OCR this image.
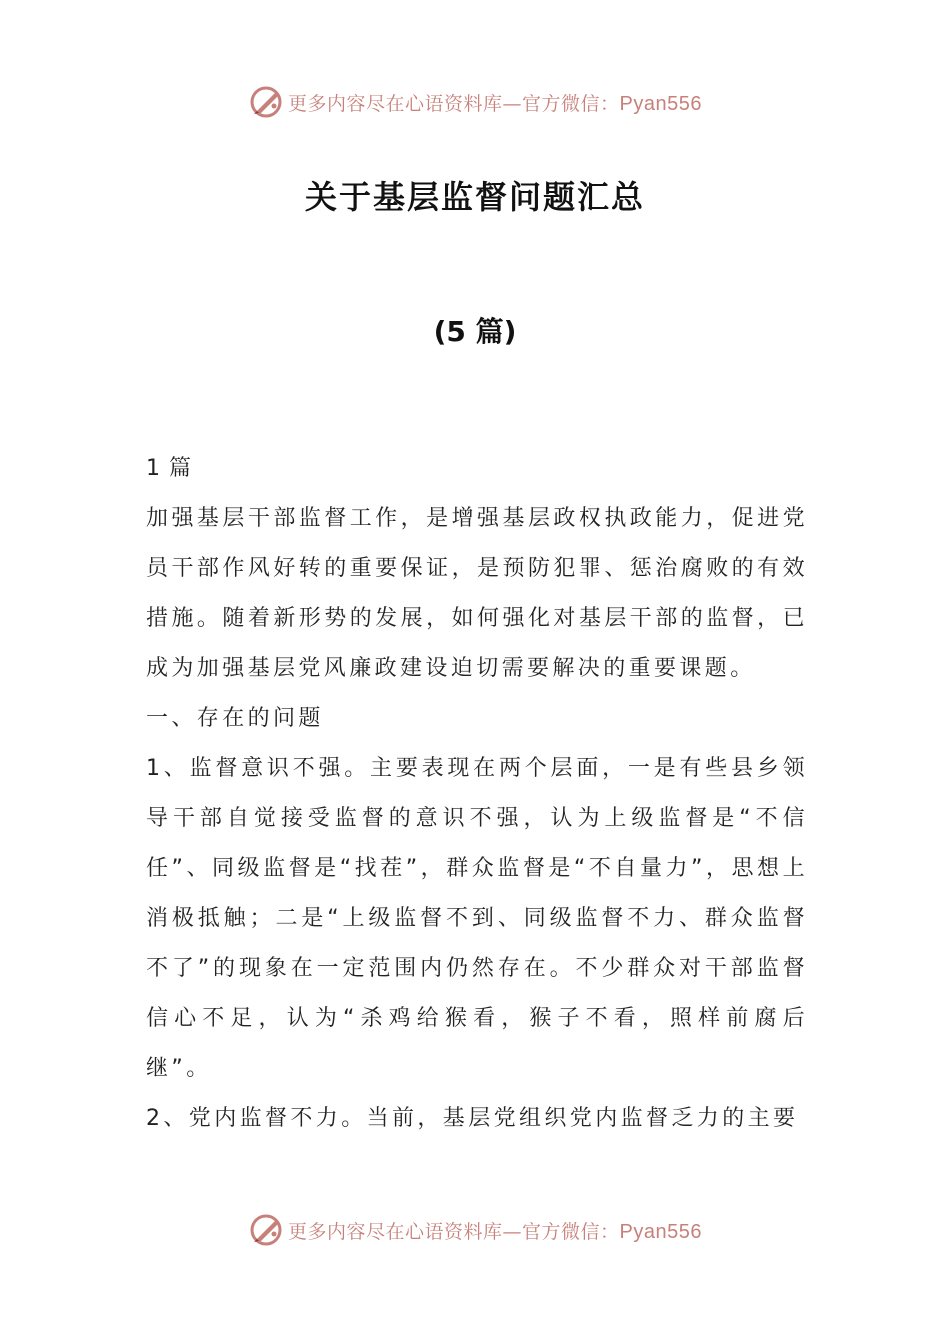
更多内容尽在心语资料库—官方微信：Pyan556
关于基层监督问题汇总
(5 篇)

1 篇

加强基层干部监督工作，是增强基层政权执政能力，促进党员干部作风好转的重要保证，是预防犯罪、惩治腐败的有效措施。随着新形势的发展，如何强化对基层干部的监督，已成为加强基层党风廉政建设迫切需要解决的重要课题。

一、存在的问题

1、监督意识不强。主要表现在两个层面，一是有些县乡领导干部自觉接受监督的意识不强，认为上级监督是“不信任”、同级监督是“找茬”，群众监督是“不自量力”，思想上消极抵触；二是“上级监督不到、同级监督不力、群众监督不了”的现象在一定范围内仍然存在。不少群众对干部监督信心不足，认为“杀鸡给猴看，猴子不看，照样前腐后继”。

2、党内监督不力。当前，基层党组织党内监督乏力的主要

更多内容尽在心语资料库—官方微信：Pyan556
